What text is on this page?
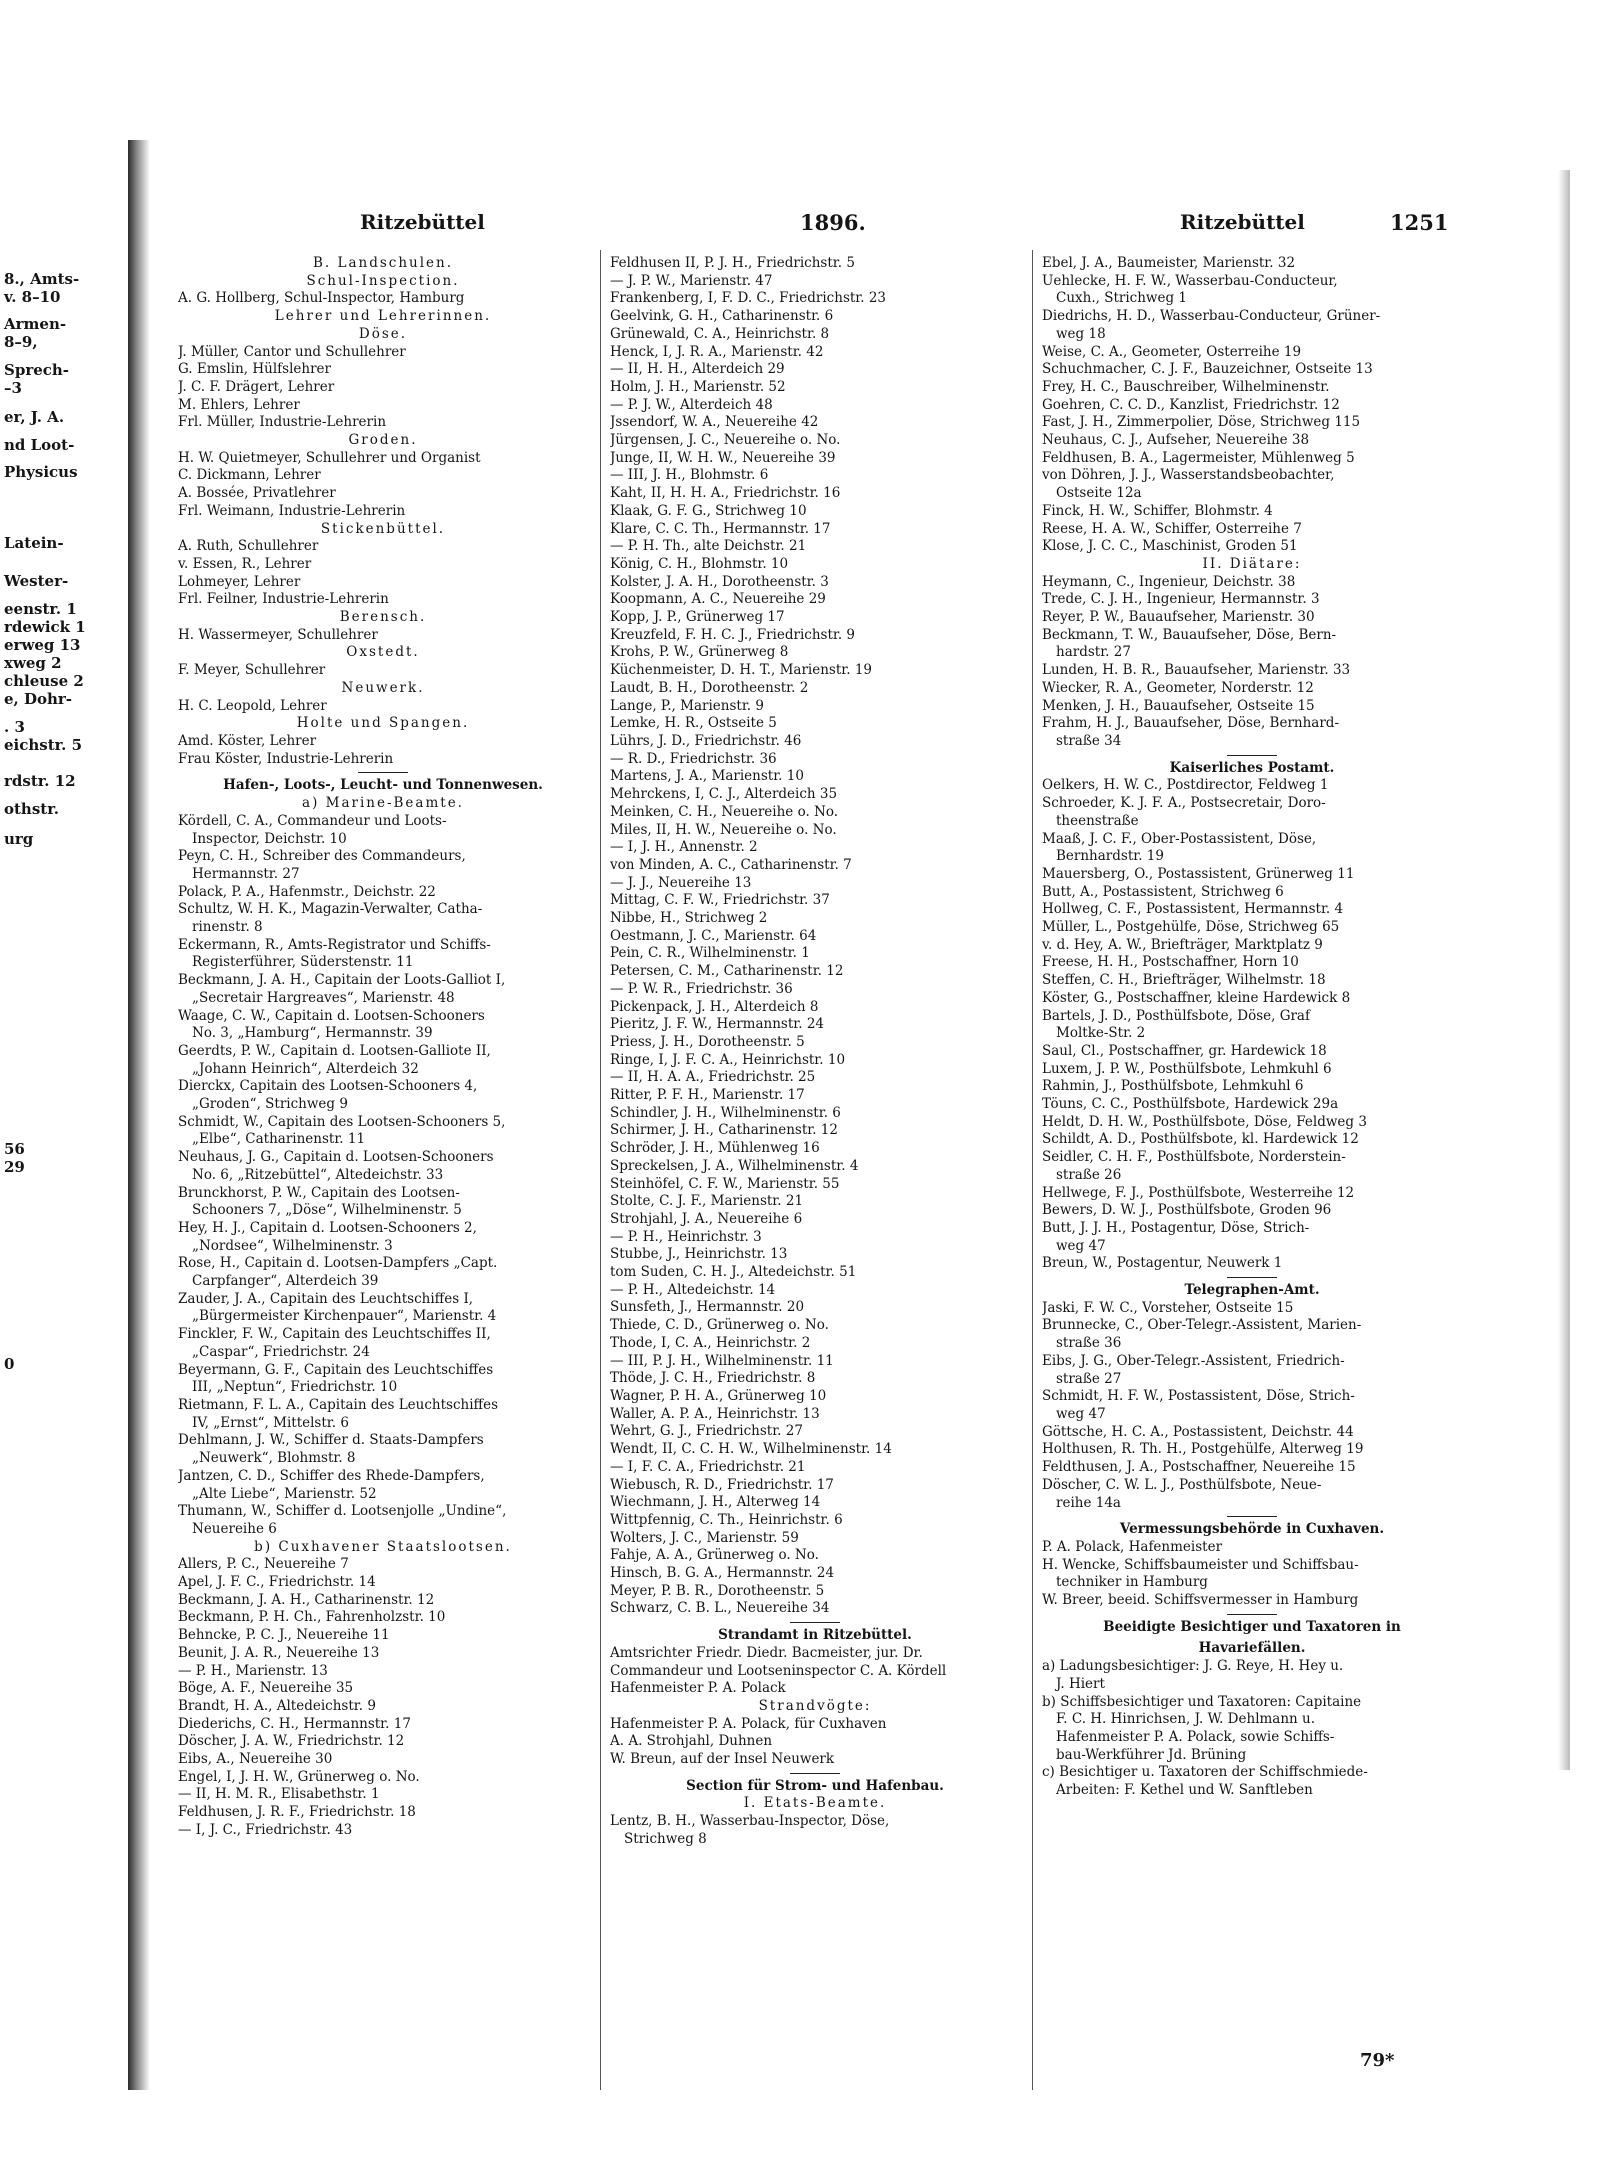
8., Amts-
v. 8–10
Armen-
8–9,
Sprech-
–3
er, J. A.
nd Loot-
Physicus
Latein-
Wester-
eenstr. 1
rdewick 1
erweg 13
xweg 2
chleuse 2
e, Dohr-
. 3
eichstr. 5
rdstr. 12
othstr.
urg
56
29
0
Ritzebüttel	1896.	Ritzebüttel	1251

B. Landschulen.

Schul-Inspection.

A. G. Hollberg, Schul-Inspector, Hamburg

Lehrer und Lehrerinnen.

Döse.

J. Müller, Cantor und Schullehrer

G. Emslin, Hülfslehrer

J. C. F. Drägert, Lehrer

M. Ehlers, Lehrer

Frl. Müller, Industrie-Lehrerin

Groden.

H. W. Quietmeyer, Schullehrer und Organist

C. Dickmann, Lehrer

A. Bossée, Privatlehrer

Frl. Weimann, Industrie-Lehrerin

Stickenbüttel.

A. Ruth, Schullehrer

v. Essen, R., Lehrer

Lohmeyer, Lehrer

Frl. Feilner, Industrie-Lehrerin

Berensch.

H. Wassermeyer, Schullehrer

Oxstedt.

F. Meyer, Schullehrer

Neuwerk.

H. C. Leopold, Lehrer

Holte und Spangen.

Amd. Köster, Lehrer

Frau Köster, Industrie-Lehrerin

Hafen-, Loots-, Leucht- und Tonnenwesen.

a) Marine-Beamte.

Kördell, C. A., Commandeur und Loots-

Inspector, Deichstr. 10

Peyn, C. H., Schreiber des Commandeurs,

Hermannstr. 27

Polack, P. A., Hafenmstr., Deichstr. 22

Schultz, W. H. K., Magazin-Verwalter, Catha-

rinenstr. 8

Eckermann, R., Amts-Registrator und Schiffs-

Registerführer, Süderstenstr. 11

Beckmann, J. A. H., Capitain der Loots-Galliot I,

„Secretair Hargreaves“, Marienstr. 48

Waage, C. W., Capitain d. Lootsen-Schooners

No. 3, „Hamburg“, Hermannstr. 39

Geerdts, P. W., Capitain d. Lootsen-Galliote II,

„Johann Heinrich“, Alterdeich 32

Dierckx, Capitain des Lootsen-Schooners 4,

„Groden“, Strichweg 9

Schmidt, W., Capitain des Lootsen-Schooners 5,

„Elbe“, Catharinenstr. 11

Neuhaus, J. G., Capitain d. Lootsen-Schooners

No. 6, „Ritzebüttel“, Altedeichstr. 33

Brunckhorst, P. W., Capitain des Lootsen-

Schooners 7, „Döse“, Wilhelminenstr. 5

Hey, H. J., Capitain d. Lootsen-Schooners 2,

„Nordsee“, Wilhelminenstr. 3

Rose, H., Capitain d. Lootsen-Dampfers „Capt.

Carpfanger“, Alterdeich 39

Zauder, J. A., Capitain des Leuchtschiffes I,

„Bürgermeister Kirchenpauer“, Marienstr. 4

Finckler, F. W., Capitain des Leuchtschiffes II,

„Caspar“, Friedrichstr. 24

Beyermann, G. F., Capitain des Leuchtschiffes

III, „Neptun“, Friedrichstr. 10

Rietmann, F. L. A., Capitain des Leuchtschiffes

IV, „Ernst“, Mittelstr. 6

Dehlmann, J. W., Schiffer d. Staats-Dampfers

„Neuwerk“, Blohmstr. 8

Jantzen, C. D., Schiffer des Rhede-Dampfers,

„Alte Liebe“, Marienstr. 52

Thumann, W., Schiffer d. Lootsenjolle „Undine“,

Neuereihe 6

b) Cuxhavener Staatslootsen.

Allers, P. C., Neuereihe 7

Apel, J. F. C., Friedrichstr. 14

Beckmann, J. A. H., Catharinenstr. 12

Beckmann, P. H. Ch., Fahrenholzstr. 10

Behncke, P. C. J., Neuereihe 11

Beunit, J. A. R., Neuereihe 13

— P. H., Marienstr. 13

Böge, A. F., Neuereihe 35

Brandt, H. A., Altedeichstr. 9

Diederichs, C. H., Hermannstr. 17

Döscher, J. A. W., Friedrichstr. 12

Eibs, A., Neuereihe 30

Engel, I, J. H. W., Grünerweg o. No.

— II, H. M. R., Elisabethstr. 1

Feldhusen, J. R. F., Friedrichstr. 18

— I, J. C., Friedrichstr. 43

Feldhusen II, P. J. H., Friedrichstr. 5

— J. P. W., Marienstr. 47

Frankenberg, I, F. D. C., Friedrichstr. 23

Geelvink, G. H., Catharinenstr. 6

Grünewald, C. A., Heinrichstr. 8

Henck, I, J. R. A., Marienstr. 42

— II, H. H., Alterdeich 29

Holm, J. H., Marienstr. 52

— P. J. W., Alterdeich 48

Jssendorf, W. A., Neuereihe 42

Jürgensen, J. C., Neuereihe o. No.

Junge, II, W. H. W., Neuereihe 39

— III, J. H., Blohmstr. 6

Kaht, II, H. H. A., Friedrichstr. 16

Klaak, G. F. G., Strichweg 10

Klare, C. C. Th., Hermannstr. 17

— P. H. Th., alte Deichstr. 21

König, C. H., Blohmstr. 10

Kolster, J. A. H., Dorotheenstr. 3

Koopmann, A. C., Neuereihe 29

Kopp, J. P., Grünerweg 17

Kreuzfeld, F. H. C. J., Friedrichstr. 9

Krohs, P. W., Grünerweg 8

Küchenmeister, D. H. T., Marienstr. 19

Laudt, B. H., Dorotheenstr. 2

Lange, P., Marienstr. 9

Lemke, H. R., Ostseite 5

Lührs, J. D., Friedrichstr. 46

— R. D., Friedrichstr. 36

Martens, J. A., Marienstr. 10

Mehrckens, I, C. J., Alterdeich 35

Meinken, C. H., Neuereihe o. No.

Miles, II, H. W., Neuereihe o. No.

— I, J. H., Annenstr. 2

von Minden, A. C., Catharinenstr. 7

— J. J., Neuereihe 13

Mittag, C. F. W., Friedrichstr. 37

Nibbe, H., Strichweg 2

Oestmann, J. C., Marienstr. 64

Pein, C. R., Wilhelminenstr. 1

Petersen, C. M., Catharinenstr. 12

— P. W. R., Friedrichstr. 36

Pickenpack, J. H., Alterdeich 8

Pieritz, J. F. W., Hermannstr. 24

Priess, J. H., Dorotheenstr. 5

Ringe, I, J. F. C. A., Heinrichstr. 10

— II, H. A. A., Friedrichstr. 25

Ritter, P. F. H., Marienstr. 17

Schindler, J. H., Wilhelminenstr. 6

Schirmer, J. H., Catharinenstr. 12

Schröder, J. H., Mühlenweg 16

Spreckelsen, J. A., Wilhelminenstr. 4

Steinhöfel, C. F. W., Marienstr. 55

Stolte, C. J. F., Marienstr. 21

Strohjahl, J. A., Neuereihe 6

— P. H., Heinrichstr. 3

Stubbe, J., Heinrichstr. 13

tom Suden, C. H. J., Altedeichstr. 51

— P. H., Altedeichstr. 14

Sunsfeth, J., Hermannstr. 20

Thiede, C. D., Grünerweg o. No.

Thode, I, C. A., Heinrichstr. 2

— III, P. J. H., Wilhelminenstr. 11

Thöde, J. C. H., Friedrichstr. 8

Wagner, P. H. A., Grünerweg 10

Waller, A. P. A., Heinrichstr. 13

Wehrt, G. J., Friedrichstr. 27

Wendt, II, C. C. H. W., Wilhelminenstr. 14

— I, F. C. A., Friedrichstr. 21

Wiebusch, R. D., Friedrichstr. 17

Wiechmann, J. H., Alterweg 14

Wittpfennig, C. Th., Heinrichstr. 6

Wolters, J. C., Marienstr. 59

Fahje, A. A., Grünerweg o. No.

Hinsch, B. G. A., Hermannstr. 24

Meyer, P. B. R., Dorotheenstr. 5

Schwarz, C. B. L., Neuereihe 34

Strandamt in Ritzebüttel.

Amtsrichter Friedr. Diedr. Bacmeister, jur. Dr.

Commandeur und Lootseninspector C. A. Kördell

Hafenmeister P. A. Polack

Strandvögte:

Hafenmeister P. A. Polack, für Cuxhaven

A. A. Strohjahl, Duhnen

W. Breun, auf der Insel Neuwerk

Section für Strom- und Hafenbau.

I. Etats-Beamte.

Lentz, B. H., Wasserbau-Inspector, Döse,

Strichweg 8

Ebel, J. A., Baumeister, Marienstr. 32

Uehlecke, H. F. W., Wasserbau-Conducteur,

Cuxh., Strichweg 1

Diedrichs, H. D., Wasserbau-Conducteur, Grüner-

weg 18

Weise, C. A., Geometer, Osterreihe 19

Schuchmacher, C. J. F., Bauzeichner, Ostseite 13

Frey, H. C., Bauschreiber, Wilhelminenstr.

Goehren, C. C. D., Kanzlist, Friedrichstr. 12

Fast, J. H., Zimmerpolier, Döse, Strichweg 115

Neuhaus, C. J., Aufseher, Neuereihe 38

Feldhusen, B. A., Lagermeister, Mühlenweg 5

von Döhren, J. J., Wasserstandsbeobachter,

Ostseite 12a

Finck, H. W., Schiffer, Blohmstr. 4

Reese, H. A. W., Schiffer, Osterreihe 7

Klose, J. C. C., Maschinist, Groden 51

II. Diätare:

Heymann, C., Ingenieur, Deichstr. 38

Trede, C. J. H., Ingenieur, Hermannstr. 3

Reyer, P. W., Bauaufseher, Marienstr. 30

Beckmann, T. W., Bauaufseher, Döse, Bern-

hardstr. 27

Lunden, H. B. R., Bauaufseher, Marienstr. 33

Wiecker, R. A., Geometer, Norderstr. 12

Menken, J. H., Bauaufseher, Ostseite 15

Frahm, H. J., Bauaufseher, Döse, Bernhard-

straße 34

Kaiserliches Postamt.

Oelkers, H. W. C., Postdirector, Feldweg 1

Schroeder, K. J. F. A., Postsecretair, Doro-

theenstraße

Maaß, J. C. F., Ober-Postassistent, Döse,

Bernhardstr. 19

Mauersberg, O., Postassistent, Grünerweg 11

Butt, A., Postassistent, Strichweg 6

Hollweg, C. F., Postassistent, Hermannstr. 4

Müller, L., Postgehülfe, Döse, Strichweg 65

v. d. Hey, A. W., Briefträger, Marktplatz 9

Freese, H. H., Postschaffner, Horn 10

Steffen, C. H., Briefträger, Wilhelmstr. 18

Köster, G., Postschaffner, kleine Hardewick 8

Bartels, J. D., Posthülfsbote, Döse, Graf

Moltke-Str. 2

Saul, Cl., Postschaffner, gr. Hardewick 18

Luxem, J. P. W., Posthülfsbote, Lehmkuhl 6

Rahmin, J., Posthülfsbote, Lehmkuhl 6

Töuns, C. C., Posthülfsbote, Hardewick 29a

Heldt, D. H. W., Posthülfsbote, Döse, Feldweg 3

Schildt, A. D., Posthülfsbote, kl. Hardewick 12

Seidler, C. H. F., Posthülfsbote, Norderstein-

straße 26

Hellwege, F. J., Posthülfsbote, Westerreihe 12

Bewers, D. W. J., Posthülfsbote, Groden 96

Butt, J. J. H., Postagentur, Döse, Strich-

weg 47

Breun, W., Postagentur, Neuwerk 1

Telegraphen-Amt.

Jaski, F. W. C., Vorsteher, Ostseite 15

Brunnecke, C., Ober-Telegr.-Assistent, Marien-

straße 36

Eibs, J. G., Ober-Telegr.-Assistent, Friedrich-

straße 27

Schmidt, H. F. W., Postassistent, Döse, Strich-

weg 47

Göttsche, H. C. A., Postassistent, Deichstr. 44

Holthusen, R. Th. H., Postgehülfe, Alterweg 19

Feldthusen, J. A., Postschaffner, Neuereihe 15

Döscher, C. W. L. J., Posthülfsbote, Neue-

reihe 14a

Vermessungsbehörde in Cuxhaven.

P. A. Polack, Hafenmeister

H. Wencke, Schiffsbaumeister und Schiffsbau-

techniker in Hamburg

W. Breer, beeid. Schiffsvermesser in Hamburg

Beeidigte Besichtiger und Taxatoren in

Havariefällen.

a) Ladungsbesichtiger: J. G. Reye, H. Hey u.

J. Hiert

b) Schiffsbesichtiger und Taxatoren: Capitaine

F. C. H. Hinrichsen, J. W. Dehlmann u.

Hafenmeister P. A. Polack, sowie Schiffs-

bau-Werkführer Jd. Brüning

c) Besichtiger u. Taxatoren der Schiffschmiede-

Arbeiten: F. Kethel und W. Sanftleben

79*
